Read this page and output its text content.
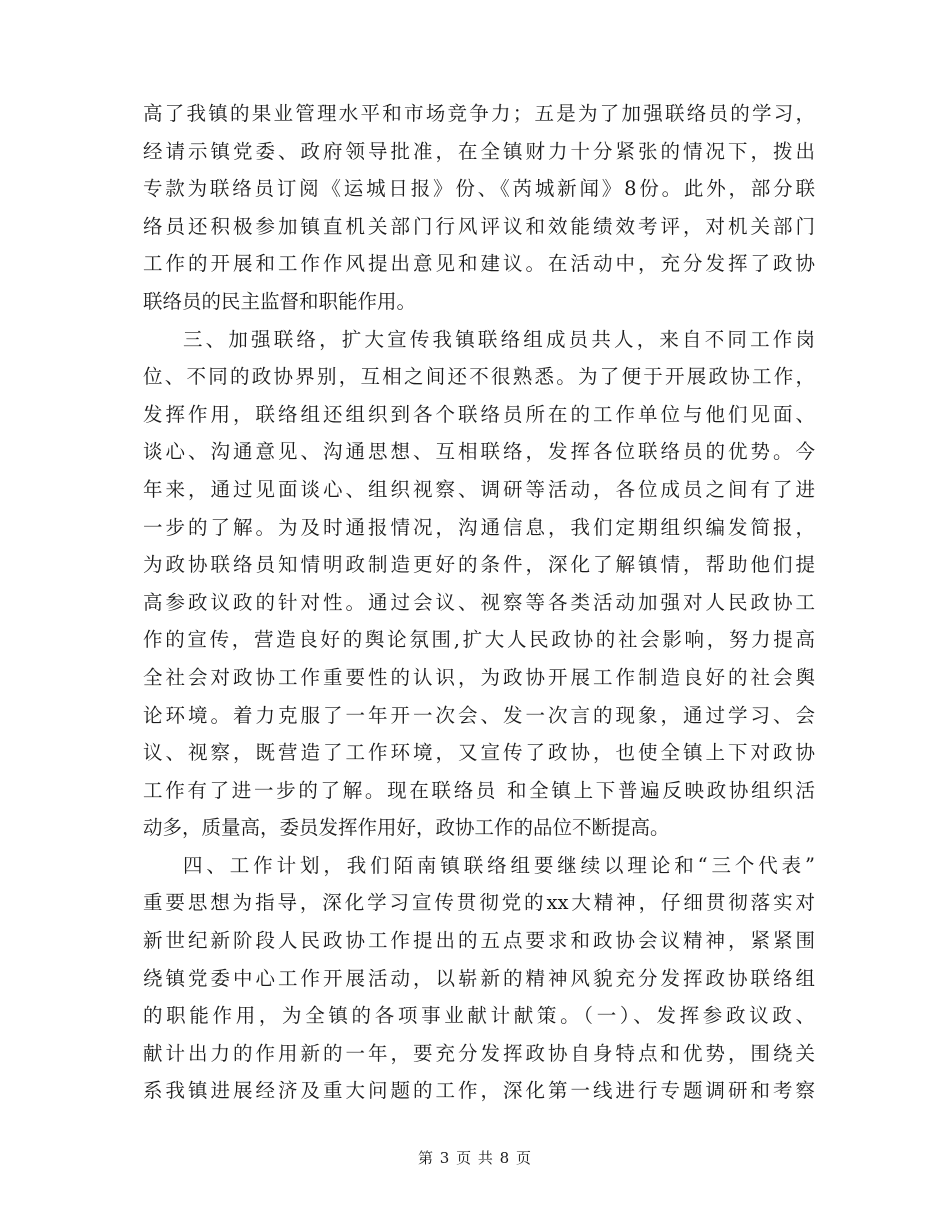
高了我镇的果业管理水平和市场竞争力；五是为了加强联络员的学习，
经请示镇党委、政府领导批准，在全镇财力十分紧张的情况下，拨出
专款为联络员订阅《运城日报》份、《芮城新闻》8份。此外，部分联
络员还积极参加镇直机关部门行风评议和效能绩效考评，对机关部门
工作的开展和工作作风提出意见和建议。在活动中，充分发挥了政协
联络员的民主监督和职能作用。
三、加强联络，扩大宣传我镇联络组成员共人，来自不同工作岗
位、不同的政协界别，互相之间还不很熟悉。为了便于开展政协工作，
发挥作用，联络组还组织到各个联络员所在的工作单位与他们见面、
谈心、沟通意见、沟通思想、互相联络，发挥各位联络员的优势。今
年来，通过见面谈心、组织视察、调研等活动，各位成员之间有了进
一步的了解。为及时通报情况，沟通信息，我们定期组织编发简报，
为政协联络员知情明政制造更好的条件，深化了解镇情，帮助他们提
高参政议政的针对性。通过会议、视察等各类活动加强对人民政协工
作的宣传，营造良好的舆论氛围,扩大人民政协的社会影响，努力提高
全社会对政协工作重要性的认识，为政协开展工作制造良好的社会舆
论环境。着力克服了一年开一次会、发一次言的现象，通过学习、会
议、视察，既营造了工作环境，又宣传了政协，也使全镇上下对政协
工作有了进一步的了解。现在联络员 和全镇上下普遍反映政协组织活
动多，质量高，委员发挥作用好，政协工作的品位不断提高。
四、工作计划，我们陌南镇联络组要继续以理论和“三个代表”
重要思想为指导，深化学习宣传贯彻党的xx大精神，仔细贯彻落实对
新世纪新阶段人民政协工作提出的五点要求和政协会议精神，紧紧围
绕镇党委中心工作开展活动，以崭新的精神风貌充分发挥政协联络组
的职能作用，为全镇的各项事业献计献策。（一）、发挥参政议政、
献计出力的作用新的一年，要充分发挥政协自身特点和优势，围绕关
系我镇进展经济及重大问题的工作，深化第一线进行专题调研和考察
第 3 页 共 8 页
